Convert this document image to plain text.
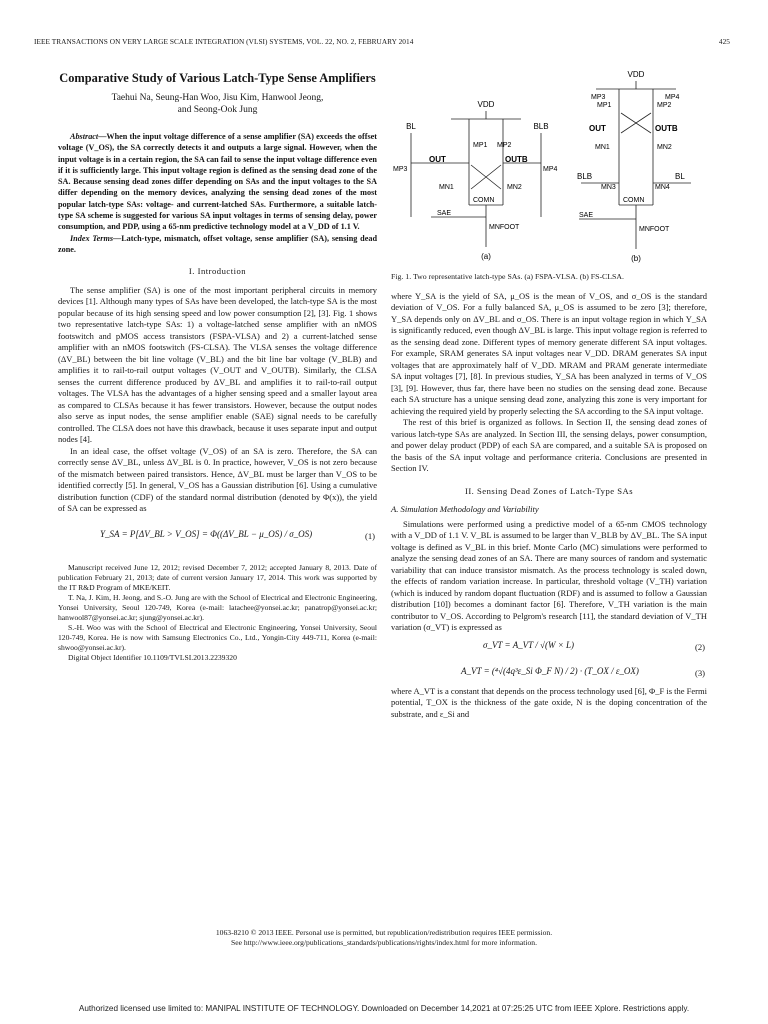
IEEE TRANSACTIONS ON VERY LARGE SCALE INTEGRATION (VLSI) SYSTEMS, VOL. 22, NO. 2, FEBRUARY 2014	425
Comparative Study of Various Latch-Type Sense Amplifiers
Taehui Na, Seung-Han Woo, Jisu Kim, Hanwool Jeong,
and Seong-Ook Jung
Abstract—When the input voltage difference of a sense amplifier (SA) exceeds the offset voltage (V_OS), the SA correctly detects it and outputs a large signal. However, when the input voltage is in a certain region, the SA can fail to sense the input voltage difference even if it is sufficiently large. This input voltage region is defined as the sensing dead zone of the SA. Because sensing dead zones differ depending on SAs and the input voltages to the SA differ depending on the memory devices, analyzing the sensing dead zones of the most popular latch-type SAs: voltage- and current-latched SAs. Furthermore, a suitable latch-type SA scheme is suggested for various SA input voltages in terms of sensing delay, power consumption, and PDP, using a 65-nm predictive technology model at a V_DD of 1.1 V.
Index Terms—Latch-type, mismatch, offset voltage, sense amplifier (SA), sensing dead zone.
I. Introduction

The sense amplifier (SA) is one of the most important peripheral circuits in memory devices [1]. Although many types of SAs have been developed, the latch-type SA is the most popular because of its high sensing speed and low power consumption [2], [3]. Fig. 1 shows two representative latch-type SAs: 1) a voltage-latched sense amplifier with an nMOS footswitch and pMOS access transistors (FSPA-VLSA) and 2) a current-latched sense amplifier with an nMOS footswitch (FS-CLSA). The VLSA senses the voltage difference (ΔV_BL) between the bit line voltage (V_BL) and the bit line bar voltage (V_BLB) and amplifies it to rail-to-rail output voltages (V_OUT and V_OUTB). Similarly, the CLSA senses the current difference produced by ΔV_BL and amplifies it to rail-to-rail output voltages. The VLSA has the advantages of a higher sensing speed and a smaller layout area as compared to CLSAs because it has fewer transistors. However, because the output nodes also serve as input nodes, the sense amplifier enable (SAE) signal needs to be carefully controlled. The CLSA does not have this drawback, because it uses separate input and output nodes [4].

In an ideal case, the offset voltage (V_OS) of an SA is zero. Therefore, the SA can correctly sense ΔV_BL, unless ΔV_BL is 0. In practice, however, V_OS is not zero because of the mismatch between paired transistors. Hence, ΔV_BL must be larger than V_OS to be identified correctly [5]. In general, V_OS has a Gaussian distribution [6]. Using a cumulative distribution function (CDF) of the standard normal distribution (denoted by Φ(x)), the yield of SA can be expressed as

Y_SA = P[ΔV_BL > V_OS] = Φ((ΔV_BL − μ_OS) / σ_OS)	(1)

Manuscript received June 12, 2012; revised December 7, 2012; accepted January 8, 2013. Date of publication February 21, 2013; date of current version January 17, 2014. This work was supported by the IT R&D Program of MKE/KEIT.

T. Na, J. Kim, H. Jeong, and S.-O. Jung are with the School of Electrical and Electronic Engineering, Yonsei University, Seoul 120-749, Korea (e-mail: latachee@yonsei.ac.kr; panatrop@yonsei.ac.kr; hanwool87@yonsei.ac.kr; sjung@yonsei.ac.kr).

S.-H. Woo was with the School of Electrical and Electronic Engineering, Yonsei University, Seoul 120-749, Korea. He is now with Samsung Electronics Co., Ltd., Yongin-City 449-711, Korea (e-mail: shwoo@yonsei.ac.kr).

Digital Object Identifier 10.1109/TVLSI.2013.2239320

VDD
BL	BLB
MP1 MP2
MP3	MP4
OUT	OUTB
MN1	MN2
COMN
SAE
MNFOOT
(a)
VDD
MP3
MP1	MP2
MP4
OUT	OUTB
MN1	MN2
BLB	BL
MN3	MN4
COMN
SAE
MNFOOT
(b)
Fig. 1. Two representative latch-type SAs. (a) FSPA-VLSA. (b) FS-CLSA.

where Y_SA is the yield of SA, μ_OS is the mean of V_OS, and σ_OS is the standard deviation of V_OS. For a fully balanced SA, μ_OS is assumed to be zero [3]; therefore, Y_SA depends only on ΔV_BL and σ_OS. There is an input voltage region in which Y_SA is significantly reduced, even though ΔV_BL is large. This input voltage region is referred to as the sensing dead zone. Different types of memory generate different SA input voltages. For example, SRAM generates SA input voltages near V_DD. DRAM generates SA input voltages that are approximately half of V_DD. MRAM and PRAM generate intermediate SA input voltages [7], [8]. In previous studies, Y_SA has been analyzed in terms of V_OS [3], [9]. However, thus far, there have been no studies on the sensing dead zone. Because each SA structure has a unique sensing dead zone, analyzing this zone is very important for achieving the required yield by properly selecting the SA according to the SA input voltage.

The rest of this brief is organized as follows. In Section II, the sensing dead zones of various latch-type SAs are analyzed. In Section III, the sensing delays, power consumption, and power delay product (PDP) of each SA are compared, and a suitable SA is proposed on the basis of the SA input voltage and performance criteria. Conclusions are presented in Section IV.

II. Sensing Dead Zones of Latch-Type SAs
A. Simulation Methodology and Variability

Simulations were performed using a predictive model of a 65-nm CMOS technology with a V_DD of 1.1 V. V_BL is assumed to be larger than V_BLB by ΔV_BL. The SA input voltage is defined as V_BL in this brief. Monte Carlo (MC) simulations were performed to analyze the sensing dead zones of an SA. There are many sources of random and systematic variability that can induce transistor mismatch. As the process technology is scaled down, the effects of random variation increase. In particular, threshold voltage (V_TH) variation (which is induced by random dopant fluctuation (RDF) and is assumed to follow a Gaussian distribution [10]) becomes a dominant factor [6]. Therefore, V_TH variation is the main contributor to V_OS. According to Pelgrom's research [11], the standard deviation of V_TH variation (σ_VT) is expressed as

σ_VT = A_VT / √(W × L)	(2)
A_VT = (⁴√(4q³ε_Si Φ_F N) / 2) · (T_OX / ε_OX)	(3)

where A_VT is a constant that depends on the process technology used [6], Φ_F is the Fermi potential, T_OX is the thickness of the gate oxide, N is the doping concentration of the substrate, and ε_Si and

1063-8210 © 2013 IEEE. Personal use is permitted, but republication/redistribution requires IEEE permission.
See http://www.ieee.org/publications_standards/publications/rights/index.html for more information.
Authorized licensed use limited to: MANIPAL INSTITUTE OF TECHNOLOGY. Downloaded on December 14,2021 at 07:25:25 UTC from IEEE Xplore. Restrictions apply.
